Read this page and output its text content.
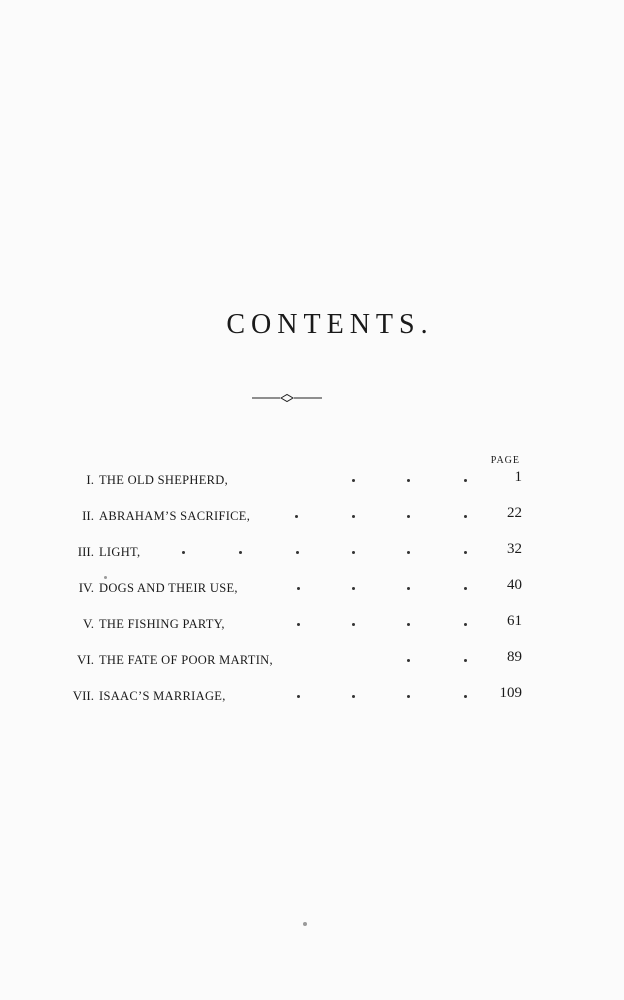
CONTENTS.
PAGE
I. THE OLD SHEPHERD,	1
II. ABRAHAM’S SACRIFICE,	22
III. LIGHT,	32
IV. DOGS AND THEIR USE,	40
V. THE FISHING PARTY,	61
VI. THE FATE OF POOR MARTIN,	89
VII. ISAAC’S MARRIAGE,	109
